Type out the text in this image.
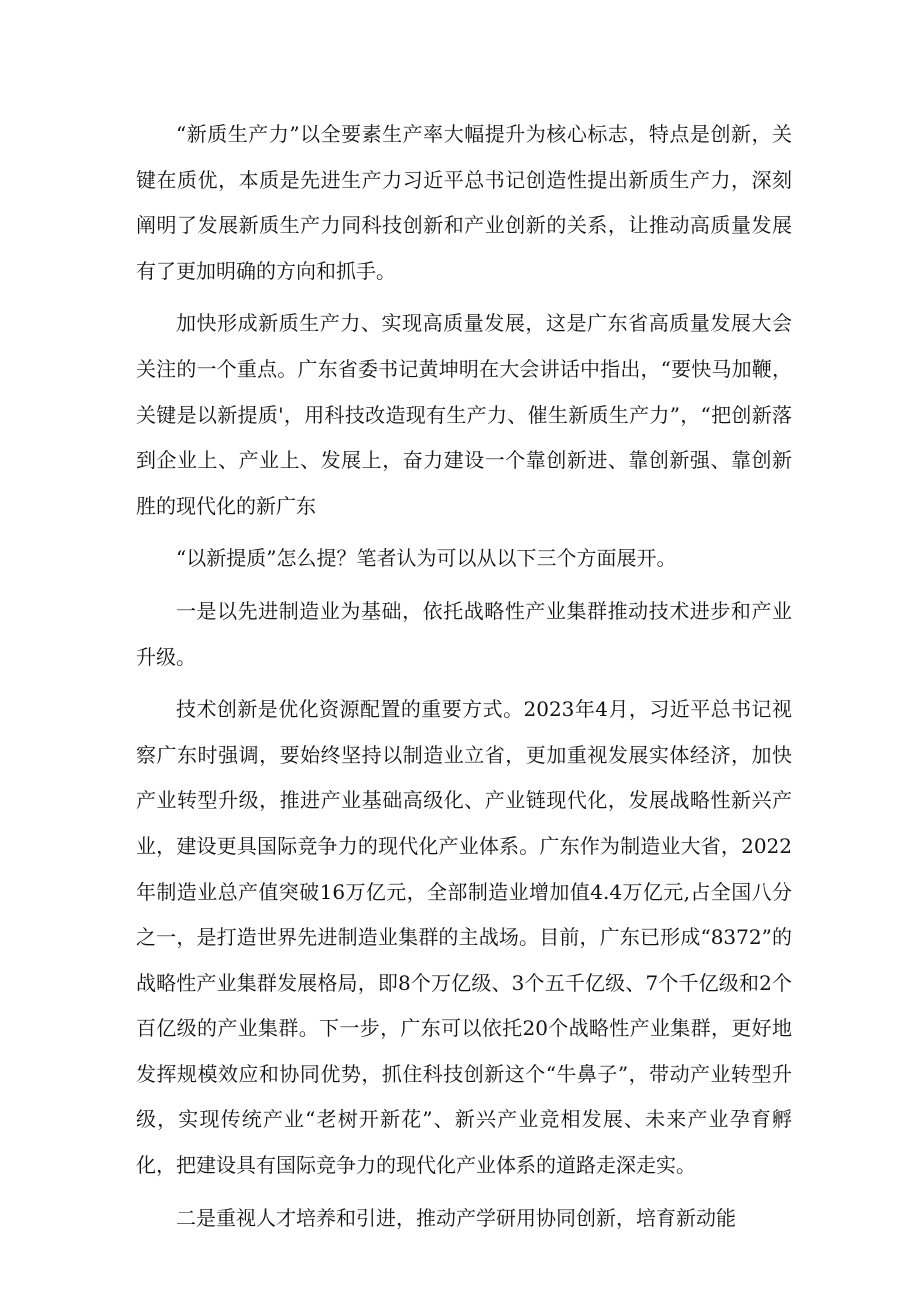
“新质生产力”以全要素生产率大幅提升为核心标志，特点是创新，关键在质优，本质是先进生产力习近平总书记创造性提出新质生产力，深刻阐明了发展新质生产力同科技创新和产业创新的关系，让推动高质量发展有了更加明确的方向和抓手。

加快形成新质生产力、实现高质量发展，这是广东省高质量发展大会关注的一个重点。广东省委书记黄坤明在大会讲话中指出，“要快马加鞭，关键是以新提质'，用科技改造现有生产力、催生新质生产力”，“把创新落到企业上、产业上、发展上，奋力建设一个靠创新进、靠创新强、靠创新胜的现代化的新广东

“以新提质”怎么提？笔者认为可以从以下三个方面展开。

一是以先进制造业为基础，依托战略性产业集群推动技术进步和产业升级。

技术创新是优化资源配置的重要方式。2023年4月，习近平总书记视察广东时强调，要始终坚持以制造业立省，更加重视发展实体经济，加快产业转型升级，推进产业基础高级化、产业链现代化，发展战略性新兴产业，建设更具国际竞争力的现代化产业体系。广东作为制造业大省，2022年制造业总产值突破16万亿元，全部制造业增加值4.4万亿元,占全国八分之一，是打造世界先进制造业集群的主战场。目前，广东已形成“8372”的战略性产业集群发展格局，即8个万亿级、3个五千亿级、7个千亿级和2个百亿级的产业集群。下一步，广东可以依托20个战略性产业集群，更好地发挥规模效应和协同优势，抓住科技创新这个“牛鼻子”，带动产业转型升级，实现传统产业“老树开新花”、新兴产业竞相发展、未来产业孕育孵化，把建设具有国际竞争力的现代化产业体系的道路走深走实。

二是重视人才培养和引进，推动产学研用协同创新，培育新动能
